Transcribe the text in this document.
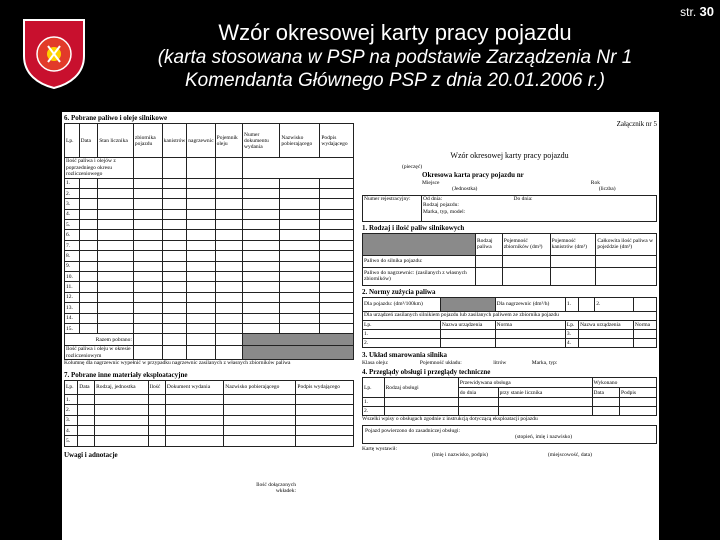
Wzór okresowej karty pracy pojazdu
(karta stosowana w PSP na podstawie Zarządzenia Nr 1
Komendanta Głównego PSP z dnia 20.01.2006 r.)
str. 30
6. Pobrane paliwo i oleje silnikowe
Lp.	Data	Stan licznika	zbiornika pojazdu	kanistrów	nagrzewnic	Pojemnik oleju	Numer dokumentu wydania	Nazwisko pobierającego	Podpis wydającego
Ilość paliwa i olejów z poprzedniego okresu rozliczeniowego									
1.									
2.									
3.									
4.									
5.									
6.									
7.									
8.									
9.									
10.									
11.									
12.									
13.									
14.									
15.									
Razem pobrano:									
Ilość paliwa i oleju w okresie rozliczeniowym									
Kolumnę dla nagrzewnic wypełnić w przypadku nagrzewnic zasilanych z własnych zbiorników paliwa
7. Pobrane inne materiały eksploatacyjne
Lp.	Data	Rodzaj, jednostka	Ilość	Dokument wydania	Nazwisko pobierającego	Podpis wydającego
1.						
2.						
3.						
4.						
5.						
Uwagi i adnotacje
Ilość dołączonych wkładek:
Załącznik nr 5
Wzór okresowej karty pracy pojazdu
(pieczęć)
Okresowa karta pracy pojazdu nr
Miejsce	Rok
(Jednostka)	(liczba)
Numer rejestracyjny:	Od dnia:	Do dnia:
Rodzaj pojazdu:
Marka, typ, model:
1. Rodzaj i ilość paliw silnikowych
	Rodzaj paliwa	Pojemność zbiorników (dm³)	Pojemność kanistrów (dm³)	Całkowita ilość paliwa w pojeździe (dm³)
Paliwo do silnika pojazdu:				
Paliwo do nagrzewnic: (zasilanych z własnych zbiorników)				
2. Normy zużycia paliwa
Dla pojazdu: (dm³/100km)		Dla nagrzewnic (dm³/h)	1.		2.	
Dla urządzeń zasilanych silnikiem pojazdu lub zasilanych paliwem ze zbiornika pojazdu						
Lp.	Nazwa urządzenia	Norma	Lp.	Nazwa urządzenia		Norma
1.			3.			
2.			4.			
3. Układ smarowania silnika
Klasa oleju:	Pojemność układu:	litrów	Marka, typ:
4. Przeglądy obsługi i przeglądy techniczne
Lp.	Rodzaj obsługi	Przewidywana obsługa		Wykonano	
		do dnia	przy stanie licznika	Data	Podpis
1.					
2.					
Wszelki wpisy o obsługach zgodnie z instrukcją dotyczącą eksploatacji pojazdu
Pojazd powierzono do zasadniczej obsługi:
(stopień, imię i nazwisko)
Kartę wystawił:
(imię i nazwisko, podpis)	(miejscowość, data)
